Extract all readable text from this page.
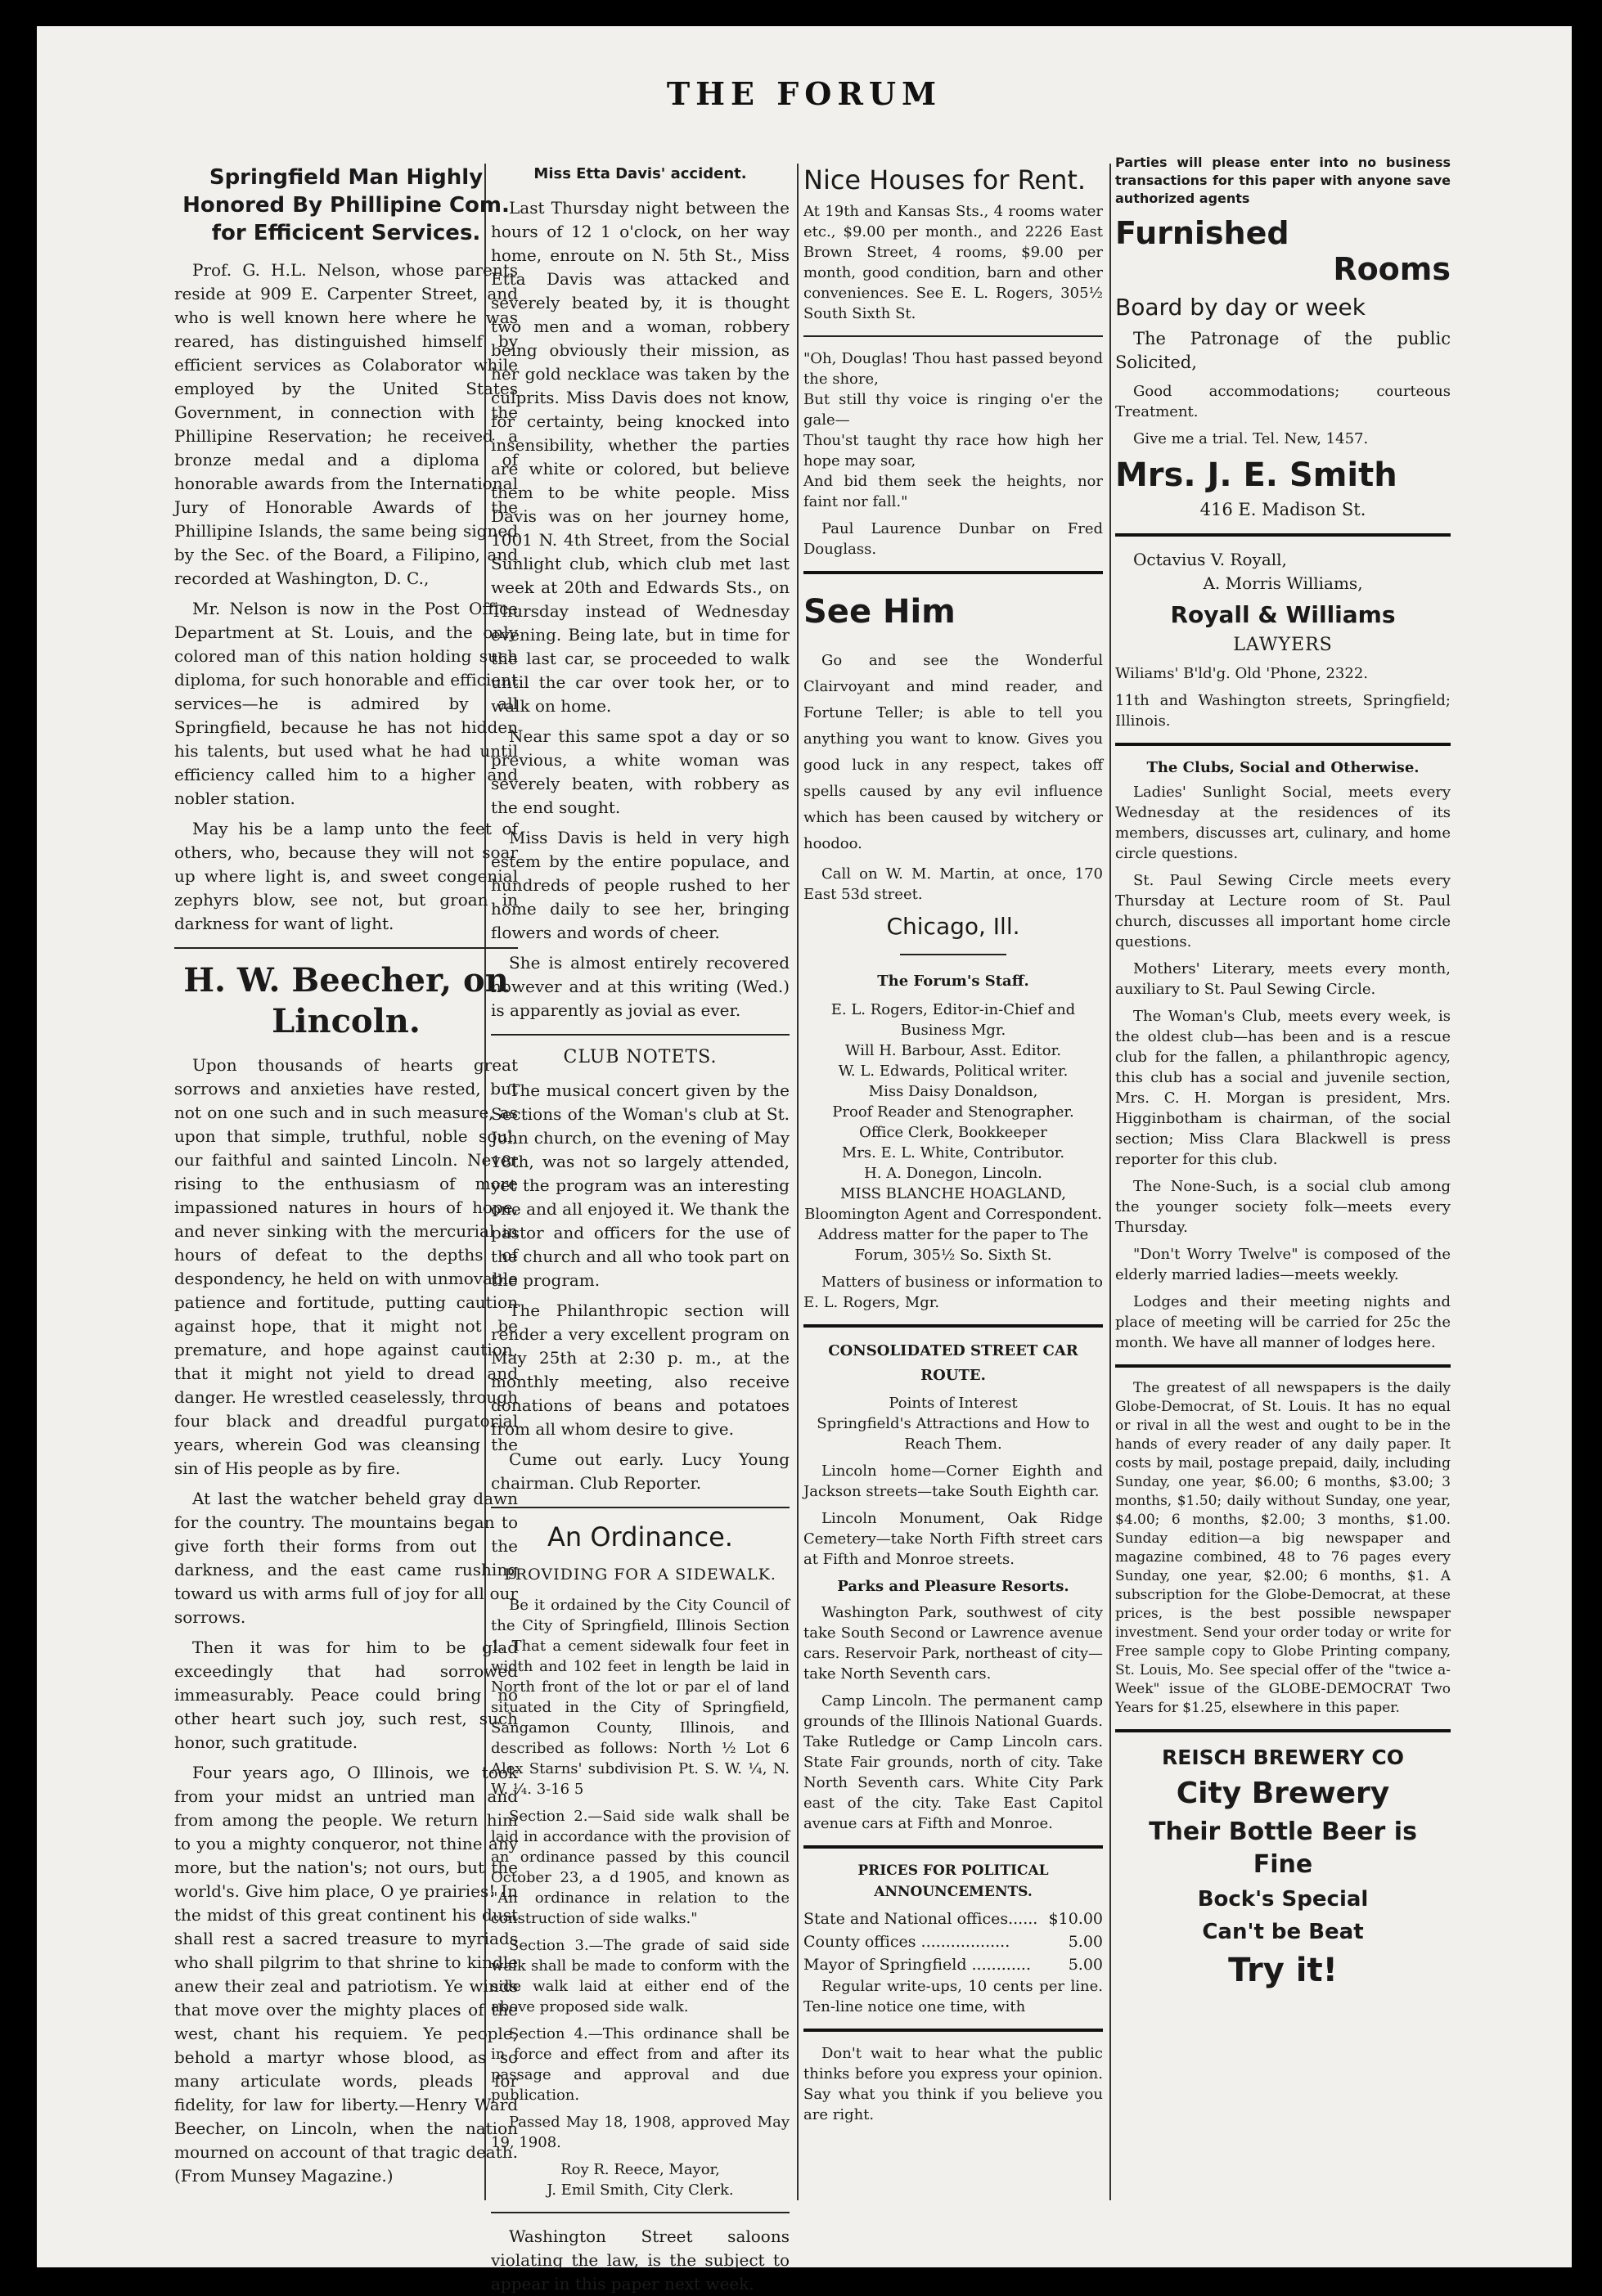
THE FORUM
Springfield Man Highly Honored By Phillipine Com. for Efficicent Services.

Prof. G. H.L. Nelson, whose parents reside at 909 E. Carpenter Street, and who is well known here where he was reared, has distinguished himself by efficient services as Colaborator while employed by the United States Government, in connection with the Phillipine Reservation; he received a bronze medal and a diploma of honorable awards from the International Jury of Honorable Awards of the Phillipine Islands, the same being signed by the Sec. of the Board, a Filipino, and recorded at Washington, D. C.,

Mr. Nelson is now in the Post Office Department at St. Louis, and the only colored man of this nation holding such diploma, for such honorable and efficient services—he is admired by all Springfield, because he has not hidden his talents, but used what he had until efficiency called him to a higher and nobler station.

May his be a lamp unto the feet of others, who, because they will not soar up where light is, and sweet congenial zephyrs blow, see not, but groan in darkness for want of light.

H. W. Beecher, on Lincoln.

Upon thousands of hearts great sorrows and anxieties have rested, but not on one such and in such measure, as upon that simple, truthful, noble soul, our faithful and sainted Lincoln. Never rising to the enthusiasm of more impassioned natures in hours of hope, and never sinking with the mercurial in hours of defeat to the depths of despondency, he held on with unmovable patience and fortitude, putting caution against hope, that it might not be premature, and hope against caution, that it might not yield to dread and danger. He wrestled ceaselessly, through four black and dreadful purgatorial years, wherein God was cleansing the sin of His people as by fire.

At last the watcher beheld gray dawn for the country. The mountains began to give forth their forms from out the darkness, and the east came rushing toward us with arms full of joy for all our sorrows.

Then it was for him to be glad exceedingly that had sorrowed immeasurably. Peace could bring no other heart such joy, such rest, such honor, such gratitude.

Four years ago, O Illinois, we took from your midst an untried man and from among the people. We return him to you a mighty conqueror, not thine any more, but the nation's; not ours, but the world's. Give him place, O ye prairies! In the midst of this great continent his dust shall rest a sacred treasure to myriads who shall pilgrim to that shrine to kindle anew their zeal and patriotism. Ye winds that move over the mighty places of the west, chant his requiem. Ye people, behold a martyr whose blood, as so many articulate words, pleads for fidelity, for law for liberty.—Henry Ward Beecher, on Lincoln, when the nation mourned on account of that tragic death.(From Munsey Magazine.)

Miss Etta Davis' accident.

Last Thursday night between the hours of 12 1 o'clock, on her way home, enroute on N. 5th St., Miss Etta Davis was attacked and severely beated by, it is thought two men and a woman, robbery being obviously their mission, as her gold necklace was taken by the culprits. Miss Davis does not know, for certainty, being knocked into insensibility, whether the parties are white or colored, but believe them to be white people. Miss Davis was on her journey home, 1001 N. 4th Street, from the Social Sunlight club, which club met last week at 20th and Edwards Sts., on Thursday instead of Wednesday evening. Being late, but in time for the last car, se proceeded to walk until the car over took her, or to walk on home.

Near this same spot a day or so previous, a white woman was severely beaten, with robbery as the end sought.

Miss Davis is held in very high estem by the entire populace, and hundreds of people rushed to her home daily to see her, bringing flowers and words of cheer.

She is almost entirely recovered however and at this writing (Wed.) is apparently as jovial as ever.

CLUB NOTETS.

The musical concert given by the Sections of the Woman's club at St. John church, on the evening of May 18th, was not so largely attended, yet the program was an interesting one and all enjoyed it. We thank the pastor and officers for the use of the church and all who took part on the program.

The Philanthropic section will render a very excellent program on May 25th at 2:30 p. m., at the monthly meeting, also receive donations of beans and potatoes from all whom desire to give.

Cume out early. Lucy Young chairman. Club Reporter.

An Ordinance.
PROVIDING FOR A SIDEWALK.

Be it ordained by the City Council of the City of Springfield, Illinois Section 1. That a cement sidewalk four feet in width and 102 feet in length be laid in North front of the lot or par el of land situated in the City of Springfield, Sangamon County, Illinois, and described as follows: North ½ Lot 6 Alex Starns' subdivision Pt. S. W. ¼, N. W. ¼. 3-16 5

Section 2.—Said side walk shall be laid in accordance with the provision of an ordinance passed by this council October 23, a d 1905, and known as "An ordinance in relation to the construction of side walks."

Section 3.—The grade of said side walk shall be made to conform with the side walk laid at either end of the above proposed side walk.

Section 4.—This ordinance shall be in force and effect from and after its passage and approval and due publication.

Passed May 18, 1908, approved May 19, 1908.

Roy R. Reece, Mayor,

J. Emil Smith, City Clerk.

Washington Street saloons violating the law, is the subject to appear in this paper next week.

Nice Houses for Rent.

At 19th and Kansas Sts., 4 rooms water etc., $9.00 per month., and 2226 East Brown Street, 4 rooms, $9.00 per month, good condition, barn and other conveniences. See E. L. Rogers, 305½ South Sixth St.

"Oh, Douglas! Thou hast passed beyond the shore,

But still thy voice is ringing o'er the gale—

Thou'st taught thy race how high her hope may soar,

And bid them seek the heights, nor faint nor fall."

Paul Laurence Dunbar on Fred Douglass.

See Him

Go and see the Wonderful Clairvoyant and mind reader, and Fortune Teller; is able to tell you anything you want to know. Gives you good luck in any respect, takes off spells caused by any evil influence which has been caused by witchery or hoodoo.

Call on W. M. Martin, at once, 170 East 53d street.

Chicago, Ill.
The Forum's Staff.

E. L. Rogers, Editor-in-Chief and Business Mgr.

Will H. Barbour, Asst. Editor.

W. L. Edwards, Political writer.

Miss Daisy Donaldson,

Proof Reader and Stenographer.

Office Clerk, Bookkeeper

Mrs. E. L. White, Contributor.

H. A. Donegon, Lincoln.

MISS BLANCHE HOAGLAND,

Bloomington Agent and Correspondent.

Address matter for the paper to The Forum, 305½ So. Sixth St.

Matters of business or information to E. L. Rogers, Mgr.

CONSOLIDATED STREET CAR ROUTE.

Points of Interest

Springfield's Attractions and How to Reach Them.

Lincoln home—Corner Eighth and Jackson streets—take South Eighth car.

Lincoln Monument, Oak Ridge Cemetery—take North Fifth street cars at Fifth and Monroe streets.

Parks and Pleasure Resorts.

Washington Park, southwest of city take South Second or Lawrence avenue cars. Reservoir Park, northeast of city—take North Seventh cars.

Camp Lincoln. The permanent camp grounds of the Illinois National Guards. Take Rutledge or Camp Lincoln cars. State Fair grounds, north of city. Take North Seventh cars. White City Park east of the city. Take East Capitol avenue cars at Fifth and Monroe.

PRICES FOR POLITICAL ANNOUNCEMENTS.
State and National offices...... $10.00
County offices ..................	5.00
Mayor of Springfield ............ 5.00

Regular write-ups, 10 cents per line. Ten-line notice one time, with

Don't wait to hear what the public thinks before you express your opinion. Say what you think if you believe you are right.

Parties will please enter into no business transactions for this paper with anyone save authorized agents

Furnished
Rooms
Board by day or week

The Patronage of the public Solicited,

Good accommodations; courteous Treatment.

Give me a trial. Tel. New, 1457.

Mrs. J. E. Smith

416 E. Madison St.

Octavius V. Royall,

A. Morris Williams,

Royall & Williams

LAWYERS

Wiliams' B'ld'g. Old 'Phone, 2322.

11th and Washington streets, Springfield; Illinois.

The Clubs, Social and Otherwise.

Ladies' Sunlight Social, meets every Wednesday at the residences of its members, discusses art, culinary, and home circle questions.

St. Paul Sewing Circle meets every Thursday at Lecture room of St. Paul church, discusses all important home circle questions.

Mothers' Literary, meets every month, auxiliary to St. Paul Sewing Circle.

The Woman's Club, meets every week, is the oldest club—has been and is a rescue club for the fallen, a philanthropic agency, this club has a social and juvenile section, Mrs. C. H. Morgan is president, Mrs. Higginbotham is chairman, of the social section; Miss Clara Blackwell is press reporter for this club.

The None-Such, is a social club among the younger society folk—meets every Thursday.

"Don't Worry Twelve" is composed of the elderly married ladies—meets weekly.

Lodges and their meeting nights and place of meeting will be carried for 25c the month. We have all manner of lodges here.

The greatest of all newspapers is the daily Globe-Democrat, of St. Louis. It has no equal or rival in all the west and ought to be in the hands of every reader of any daily paper. It costs by mail, postage prepaid, daily, including Sunday, one year, $6.00; 6 months, $3.00; 3 months, $1.50; daily without Sunday, one year, $4.00; 6 months, $2.00; 3 months, $1.00. Sunday edition—a big newspaper and magazine combined, 48 to 76 pages every Sunday, one year, $2.00; 6 months, $1. A subscription for the Globe-Democrat, at these prices, is the best possible newspaper investment. Send your order today or write for Free sample copy to Globe Printing company, St. Louis, Mo. See special offer of the "twice a-Week" issue of the GLOBE-DEMOCRAT Two Years for $1.25, elsewhere in this paper.

REISCH BREWERY CO
City Brewery
Their Bottle Beer is Fine
Bock's Special
Can't be Beat
Try it!
